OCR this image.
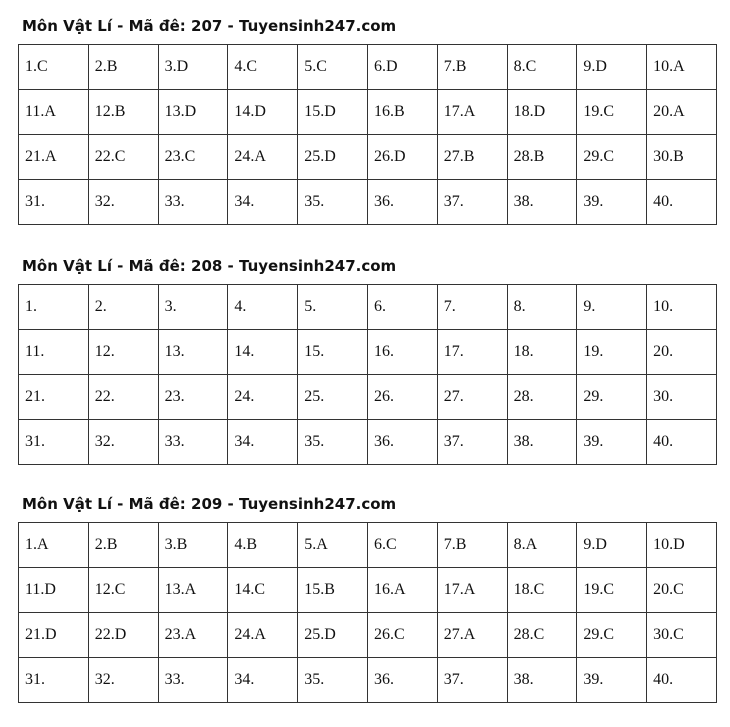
Môn Vật Lí - Mã đê: 207 - Tuyensinh247.com
1.C	2.B	3.D	4.C	5.C	6.D	7.B	8.C	9.D	10.A
11.A	12.B	13.D	14.D	15.D	16.B	17.A	18.D	19.C	20.A
21.A	22.C	23.C	24.A	25.D	26.D	27.B	28.B	29.C	30.B
31.	32.	33.	34.	35.	36.	37.	38.	39.	40.
Môn Vật Lí - Mã đê: 208 - Tuyensinh247.com
1.	2.	3.	4.	5.	6.	7.	8.	9.	10.
11.	12.	13.	14.	15.	16.	17.	18.	19.	20.
21.	22.	23.	24.	25.	26.	27.	28.	29.	30.
31.	32.	33.	34.	35.	36.	37.	38.	39.	40.
Môn Vật Lí - Mã đê: 209 - Tuyensinh247.com
1.A	2.B	3.B	4.B	5.A	6.C	7.B	8.A	9.D	10.D
11.D	12.C	13.A	14.C	15.B	16.A	17.A	18.C	19.C	20.C
21.D	22.D	23.A	24.A	25.D	26.C	27.A	28.C	29.C	30.C
31.	32.	33.	34.	35.	36.	37.	38.	39.	40.
